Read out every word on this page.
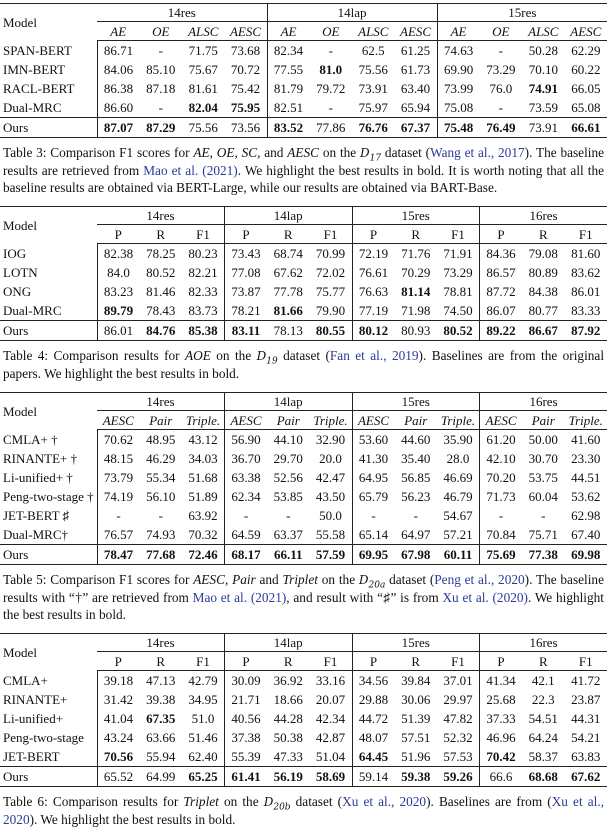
Model	14res				14lap				15res			
	AE	OE	ALSC	AESC	AE	OE	ALSC	AESC	AE	OE	ALSC	AESC
SPAN-BERT	86.71	-	71.75	73.68	82.34	-	62.5	61.25	74.63	-	50.28	62.29
IMN-BERT	84.06	85.10	75.67	70.72	77.55	81.0	75.56	61.73	69.90	73.29	70.10	60.22
RACL-BERT	86.38	87.18	81.61	75.42	81.79	79.72	73.91	63.40	73.99	76.0	74.91	66.05
Dual-MRC	86.60	-	82.04	75.95	82.51	-	75.97	65.94	75.08	-	73.59	65.08
Ours	87.07	87.29	75.56	73.56	83.52	77.86	76.76	67.37	75.48	76.49	73.91	66.61
Table 3: Comparison F1 scores for AE, OE, SC, and AESC on the $D_{17}$ dataset (Wang et al., 2017). The baseline results are retrieved from Mao et al. (2021). We highlight the best results in bold. It is worth noting that all the baseline results are obtained via BERT-Large, while our results are obtained via BART-Base.
Model	14res			14lap			15res			16res		
	P	R	F1	P	R	F1	P	R	F1	P	R	F1
IOG	82.38	78.25	80.23	73.43	68.74	70.99	72.19	71.76	71.91	84.36	79.08	81.60
LOTN	84.0	80.52	82.21	77.08	67.62	72.02	76.61	70.29	73.29	86.57	80.89	83.62
ONG	83.23	81.46	82.33	73.87	77.78	75.77	76.63	81.14	78.81	87.72	84.38	86.01
Dual-MRC	89.79	78.43	83.73	78.21	81.66	79.90	77.19	71.98	74.50	86.07	80.77	83.33
Ours	86.01	84.76	85.38	83.11	78.13	80.55	80.12	80.93	80.52	89.22	86.67	87.92
Table 4: Comparison results for AOE on the $D_{19}$ dataset (Fan et al., 2019). Baselines are from the original papers. We highlight the best results in bold.
Model	14res			14lap			15res			16res		
	AESC	Pair	Triple.	AESC	Pair	Triple.	AESC	Pair	Triple.	AESC	Pair	Triple.
CMLA+ †	70.62	48.95	43.12	56.90	44.10	32.90	53.60	44.60	35.90	61.20	50.00	41.60
RINANTE+ †	48.15	46.29	34.03	36.70	29.70	20.0	41.30	35.40	28.0	42.10	30.70	23.30
Li-unified+ †	73.79	55.34	51.68	63.38	52.56	42.47	64.95	56.85	46.69	70.20	53.75	44.51
Peng-two-stage †	74.19	56.10	51.89	62.34	53.85	43.50	65.79	56.23	46.79	71.73	60.04	53.62
JET-BERT ♯	-	-	63.92	-	-	50.0	-	-	54.67	-	-	62.98
Dual-MRC†	76.57	74.93	70.32	64.59	63.37	55.58	65.14	64.97	57.21	70.84	75.71	67.40
Ours	78.47	77.68	72.46	68.17	66.11	57.59	69.95	67.98	60.11	75.69	77.38	69.98
Table 5: Comparison F1 scores for AESC, Pair and Triplet on the $D_{20a}$ dataset (Peng et al., 2020). The baseline results with “†” are retrieved from Mao et al. (2021), and result with “♯” is from Xu et al. (2020). We highlight the best results in bold.
Model	14res			14lap			15res			16res		
	P	R	F1	P	R	F1	P	R	F1	P	R	F1
CMLA+	39.18	47.13	42.79	30.09	36.92	33.16	34.56	39.84	37.01	41.34	42.1	41.72
RINANTE+	31.42	39.38	34.95	21.71	18.66	20.07	29.88	30.06	29.97	25.68	22.3	23.87
Li-unified+	41.04	67.35	51.0	40.56	44.28	42.34	44.72	51.39	47.82	37.33	54.51	44.31
Peng-two-stage	43.24	63.66	51.46	37.38	50.38	42.87	48.07	57.51	52.32	46.96	64.24	54.21
JET-BERT	70.56	55.94	62.40	55.39	47.33	51.04	64.45	51.96	57.53	70.42	58.37	63.83
Ours	65.52	64.99	65.25	61.41	56.19	58.69	59.14	59.38	59.26	66.6	68.68	67.62
Table 6: Comparison results for Triplet on the $D_{20b}$ dataset (Xu et al., 2020). Baselines are from (Xu et al., 2020). We highlight the best results in bold.
